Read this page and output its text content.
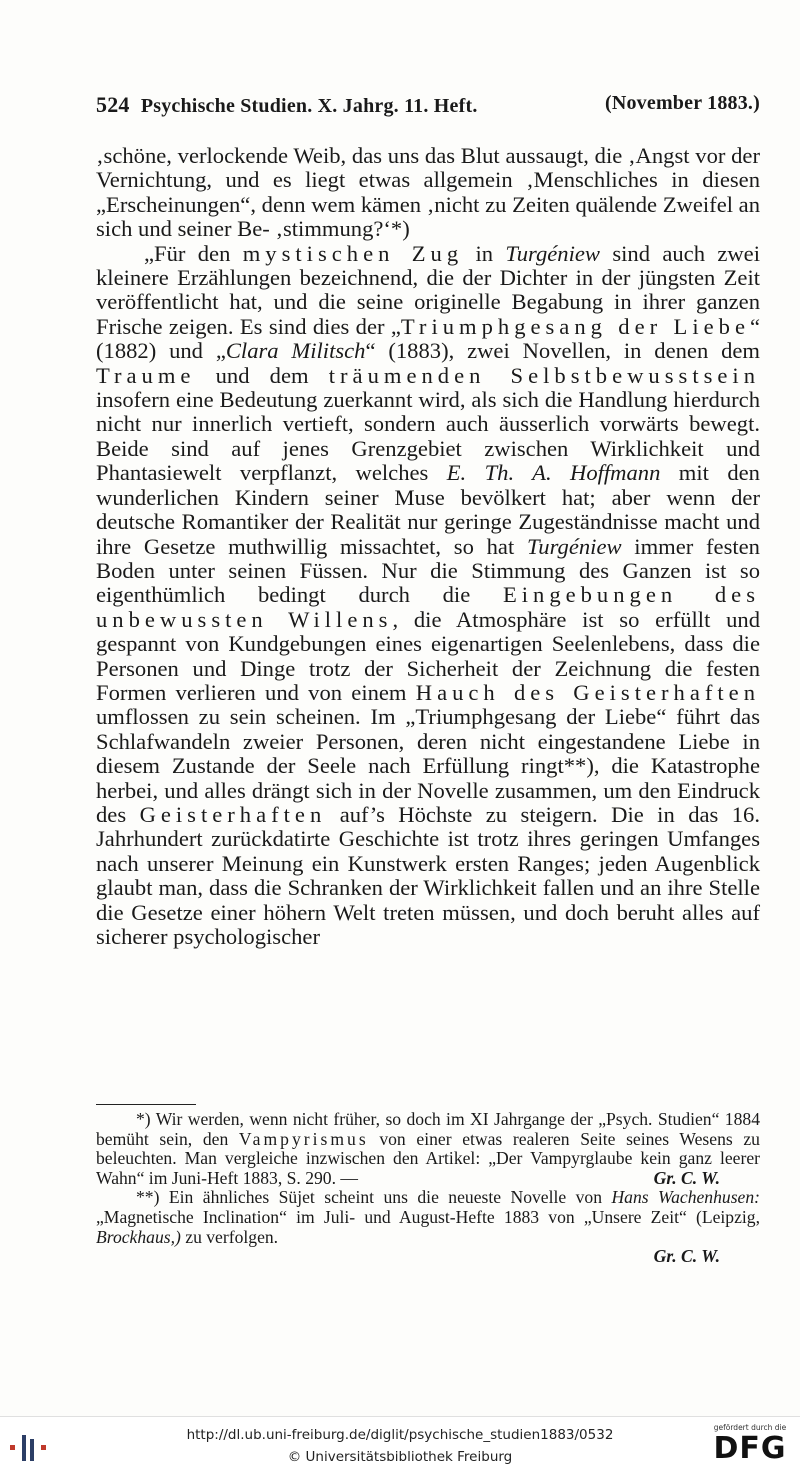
524 Psychische Studien. X. Jahrg. 11. Heft.	(November 1883.)

‚schöne, verlockende Weib, das uns das Blut aussaugt, die ‚Angst vor der Vernichtung, und es liegt etwas allgemein ‚Menschliches in diesen „Erscheinungen“, denn wem kämen ‚nicht zu Zeiten quälende Zweifel an sich und seiner Be- ‚stimmung?‘*)

„Für den mystischen Zug in Turgéniew sind auch zwei kleinere Erzählungen bezeichnend, die der Dichter in der jüngsten Zeit veröffentlicht hat, und die seine originelle Begabung in ihrer ganzen Frische zeigen. Es sind dies der „Triumphgesang der Liebe“ (1882) und „Clara Militsch“ (1883), zwei Novellen, in denen dem Traume und dem träumenden Selbstbewusstsein insofern eine Bedeutung zuerkannt wird, als sich die Handlung hierdurch nicht nur innerlich vertieft, sondern auch äusserlich vorwärts bewegt. Beide sind auf jenes Grenzgebiet zwischen Wirklichkeit und Phantasiewelt verpflanzt, welches E. Th. A. Hoffmann mit den wunderlichen Kindern seiner Muse bevölkert hat; aber wenn der deutsche Romantiker der Realität nur geringe Zugeständnisse macht und ihre Gesetze muthwillig missachtet, so hat Turgéniew immer festen Boden unter seinen Füssen. Nur die Stimmung des Ganzen ist so eigenthümlich bedingt durch die Eingebungen des unbewussten Willens, die Atmosphäre ist so erfüllt und gespannt von Kundgebungen eines eigenartigen Seelenlebens, dass die Personen und Dinge trotz der Sicherheit der Zeichnung die festen Formen verlieren und von einem Hauch des Geisterhaften umflossen zu sein scheinen. Im „Triumphgesang der Liebe“ führt das Schlafwandeln zweier Personen, deren nicht eingestandene Liebe in diesem Zustande der Seele nach Erfüllung ringt**), die Katastrophe herbei, und alles drängt sich in der Novelle zusammen, um den Eindruck des Geisterhaften auf’s Höchste zu steigern. Die in das 16. Jahrhundert zurückdatirte Geschichte ist trotz ihres geringen Umfanges nach unserer Meinung ein Kunstwerk ersten Ranges; jeden Augenblick glaubt man, dass die Schranken der Wirklichkeit fallen und an ihre Stelle die Gesetze einer höhern Welt treten müssen, und doch beruht alles auf sicherer psychologischer

*) Wir werden, wenn nicht früher, so doch im XI Jahrgange der „Psych. Studien“ 1884 bemüht sein, den Vampyrismus von einer etwas realeren Seite seines Wesens zu beleuchten. Man vergleiche inzwischen den Artikel: „Der Vampyrglaube kein ganz leerer Wahn“ im Juni-Heft 1883, S. 290. —	Gr. C. W.

**) Ein ähnliches Süjet scheint uns die neueste Novelle von Hans Wachenhusen: „Magnetische Inclination“ im Juli- und August-Hefte 1883 von „Unsere Zeit“ (Leipzig, Brockhaus,) zu verfolgen.

Gr. C. W.

http://dl.ub.uni-freiburg.de/diglit/psychische_studien1883/0532
© Universitätsbibliothek Freiburg
gefördert durch die
DFG
